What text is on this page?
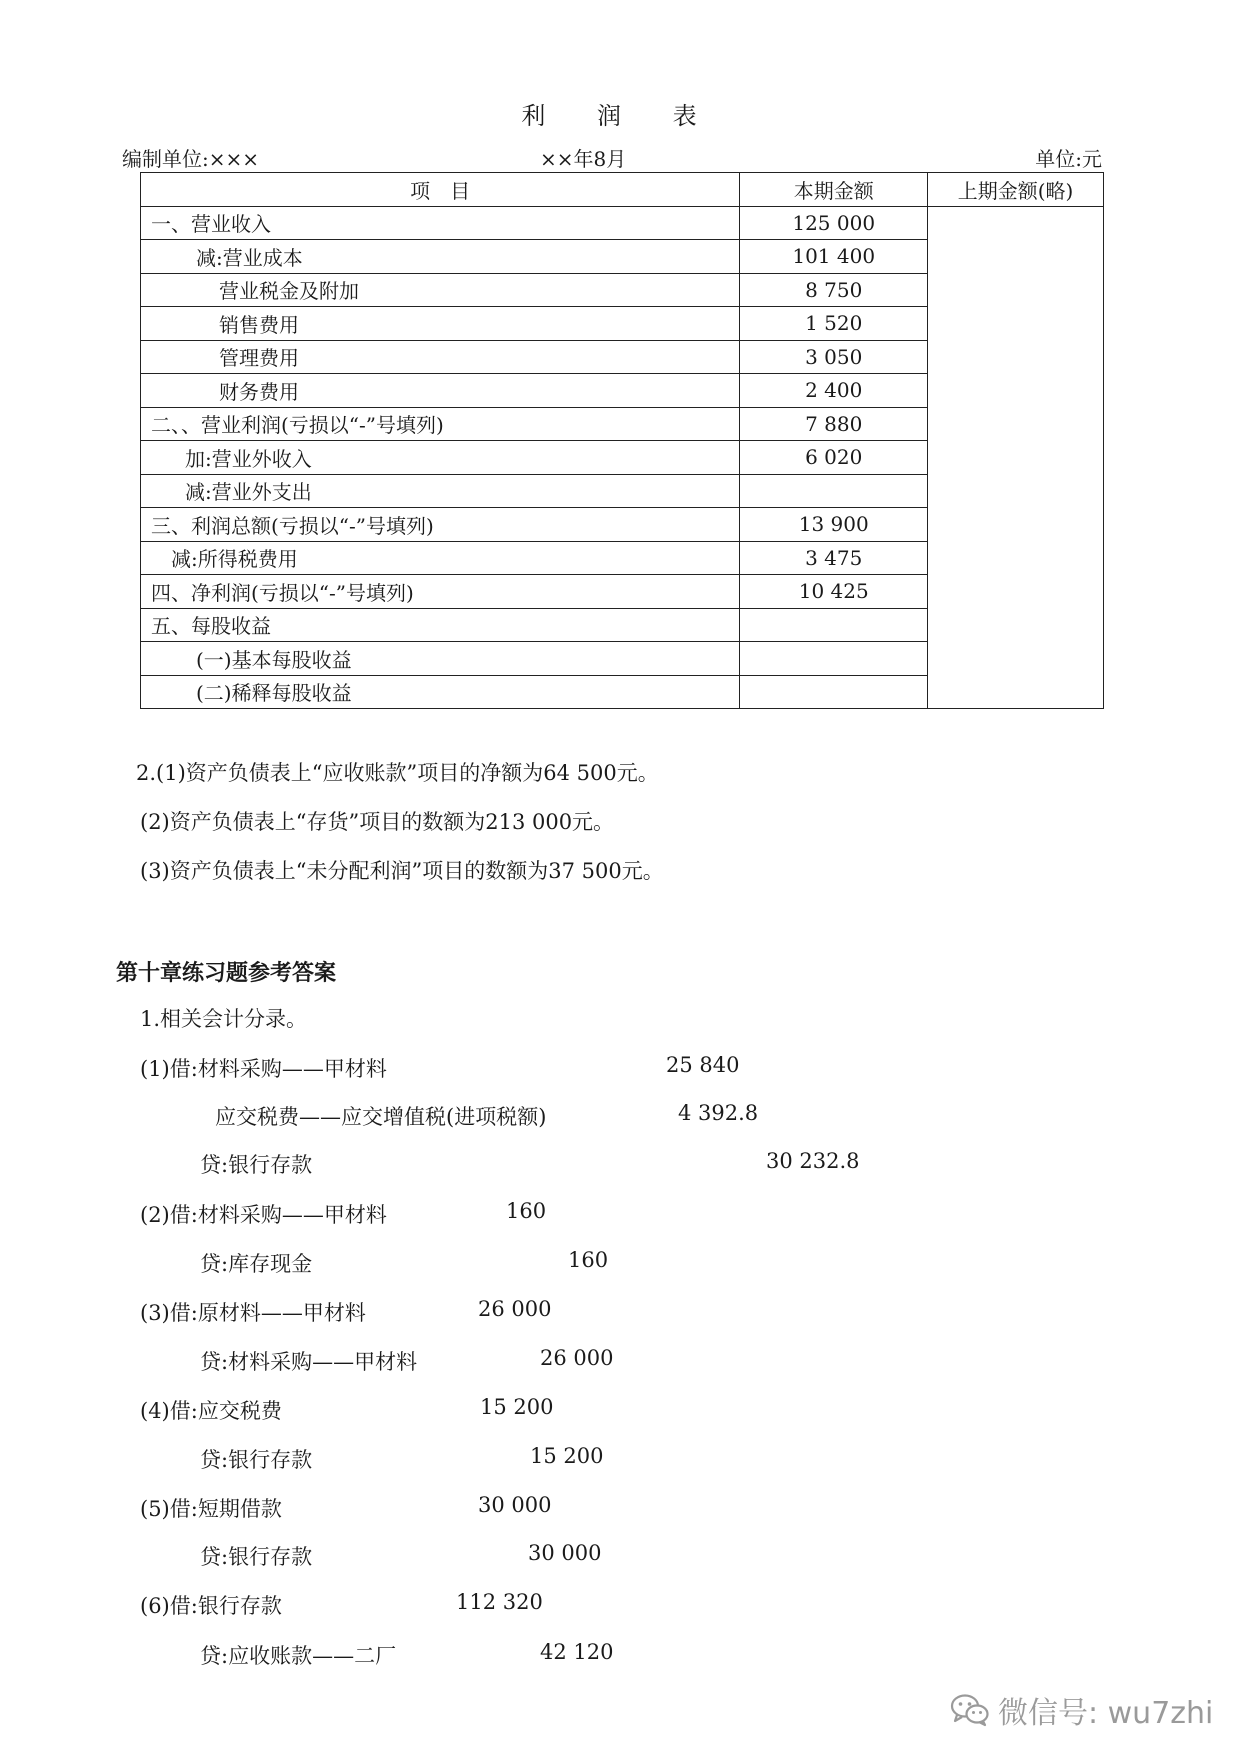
利 润 表
编制单位:×××	××年8月	单位:元
项　目	本期金额	上期金额(略)
一、营业收入	125 000	
减:营业成本	101 400	
营业税金及附加	8 750	
销售费用	1 520	
管理费用	3 050	
财务费用	2 400	
二、、营业利润(亏损以“-”号填列)	7 880	
加:营业外收入	6 020	
减:营业外支出		
三、利润总额(亏损以“-”号填列)	13 900	
减:所得税费用	3 475	
四、净利润(亏损以“-”号填列)	10 425	
五、每股收益		
(一)基本每股收益		
(二)稀释每股收益		

2.(1)资产负债表上“应收账款”项目的净额为64 500元。

(2)资产负债表上“存货”项目的数额为213 000元。

(3)资产负债表上“未分配利润”项目的数额为37 500元。

第十章练习题参考答案
1.相关会计分录。
(1)借:材料采购——甲材料	25 840
应交税费——应交增值税(进项税额)	4 392.8
贷:银行存款	30 232.8
(2)借:材料采购——甲材料	160
贷:库存现金	160
(3)借:原材料——甲材料	26 000
贷:材料采购——甲材料	26 000
(4)借:应交税费	15 200
贷:银行存款	15 200
(5)借:短期借款	30 000
贷:银行存款	30 000
(6)借:银行存款	112 320
贷:应收账款——二厂	42 120
微信号: wu7zhi
